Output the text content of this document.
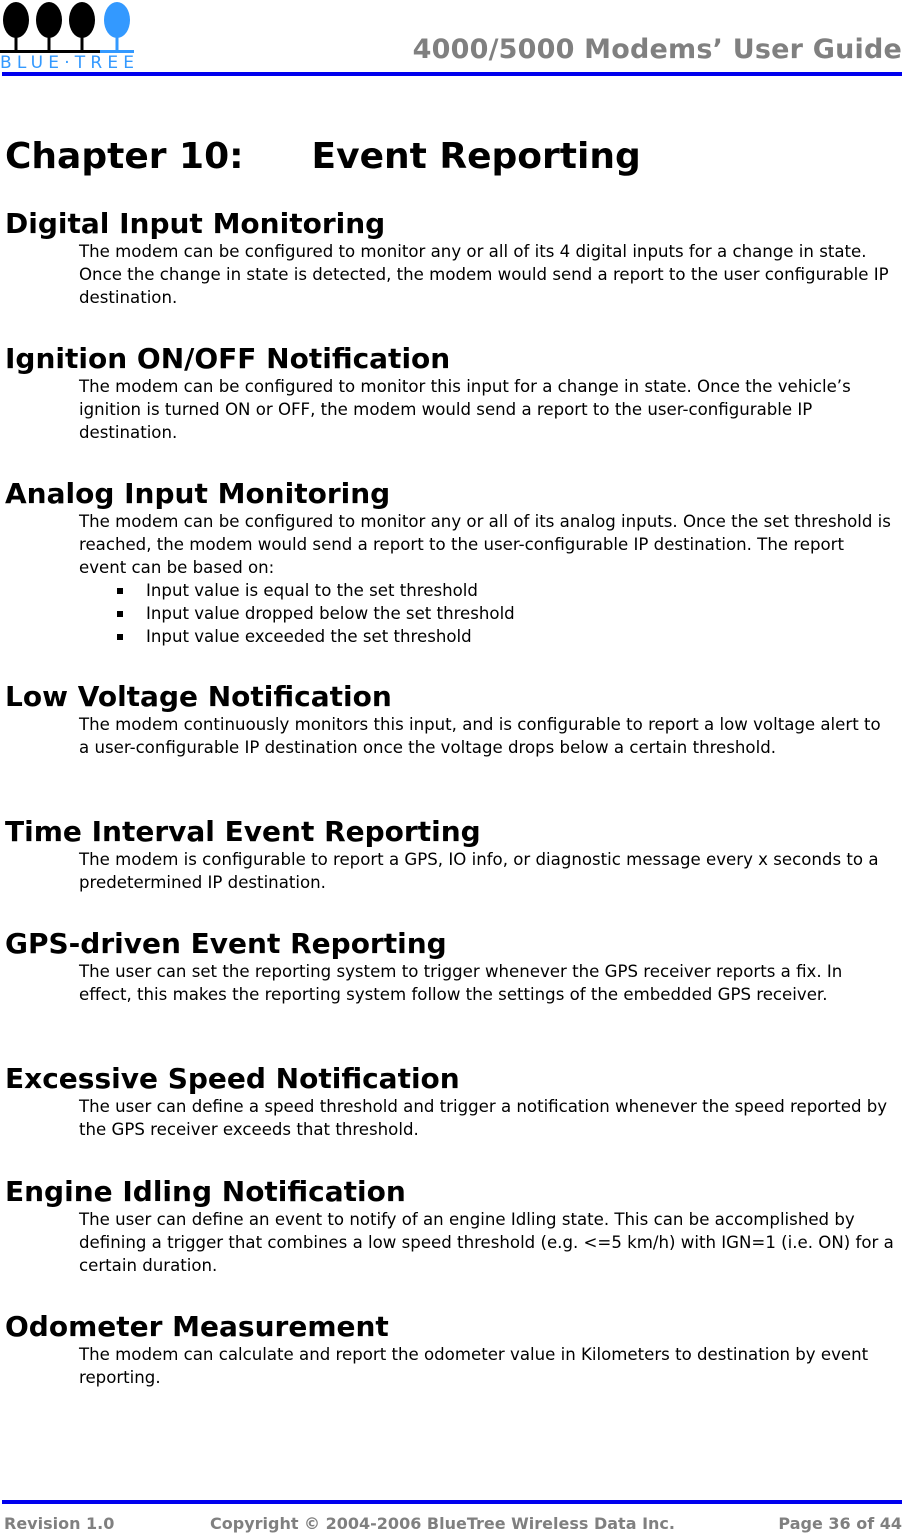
BLUE·TREE	4000/5000 Modems’ User Guide
Chapter 10: Event Reporting
Digital Input Monitoring

The modem can be configured to monitor any or all of its 4 digital inputs for a change in state. Once the change in state is detected, the modem would send a report to the user configurable IP destination.

Ignition ON/OFF Notification

The modem can be configured to monitor this input for a change in state. Once the vehicle’s ignition is turned ON or OFF, the modem would send a report to the user-configurable IP destination.

Analog Input Monitoring

The modem can be configured to monitor any or all of its analog inputs. Once the set threshold is reached, the modem would send a report to the user-configurable IP destination. The report event can be based on:

Input value is equal to the set threshold
Input value dropped below the set threshold
Input value exceeded the set threshold
Low Voltage Notification

The modem continuously monitors this input, and is configurable to report a low voltage alert to a user-configurable IP destination once the voltage drops below a certain threshold.

Time Interval Event Reporting

The modem is configurable to report a GPS, IO info, or diagnostic message every x seconds to a predetermined IP destination.

GPS-driven Event Reporting

The user can set the reporting system to trigger whenever the GPS receiver reports a fix. In effect, this makes the reporting system follow the settings of the embedded GPS receiver.

Excessive Speed Notification

The user can define a speed threshold and trigger a notification whenever the speed reported by the GPS receiver exceeds that threshold.

Engine Idling Notification

The user can define an event to notify of an engine Idling state. This can be accomplished by defining a trigger that combines a low speed threshold (e.g. <=5 km/h) with IGN=1 (i.e. ON) for a certain duration.

Odometer Measurement

The modem can calculate and report the odometer value in Kilometers to destination by event reporting.

Revision 1.0	Copyright © 2004-2006 BlueTree Wireless Data Inc.	Page 36 of 44
